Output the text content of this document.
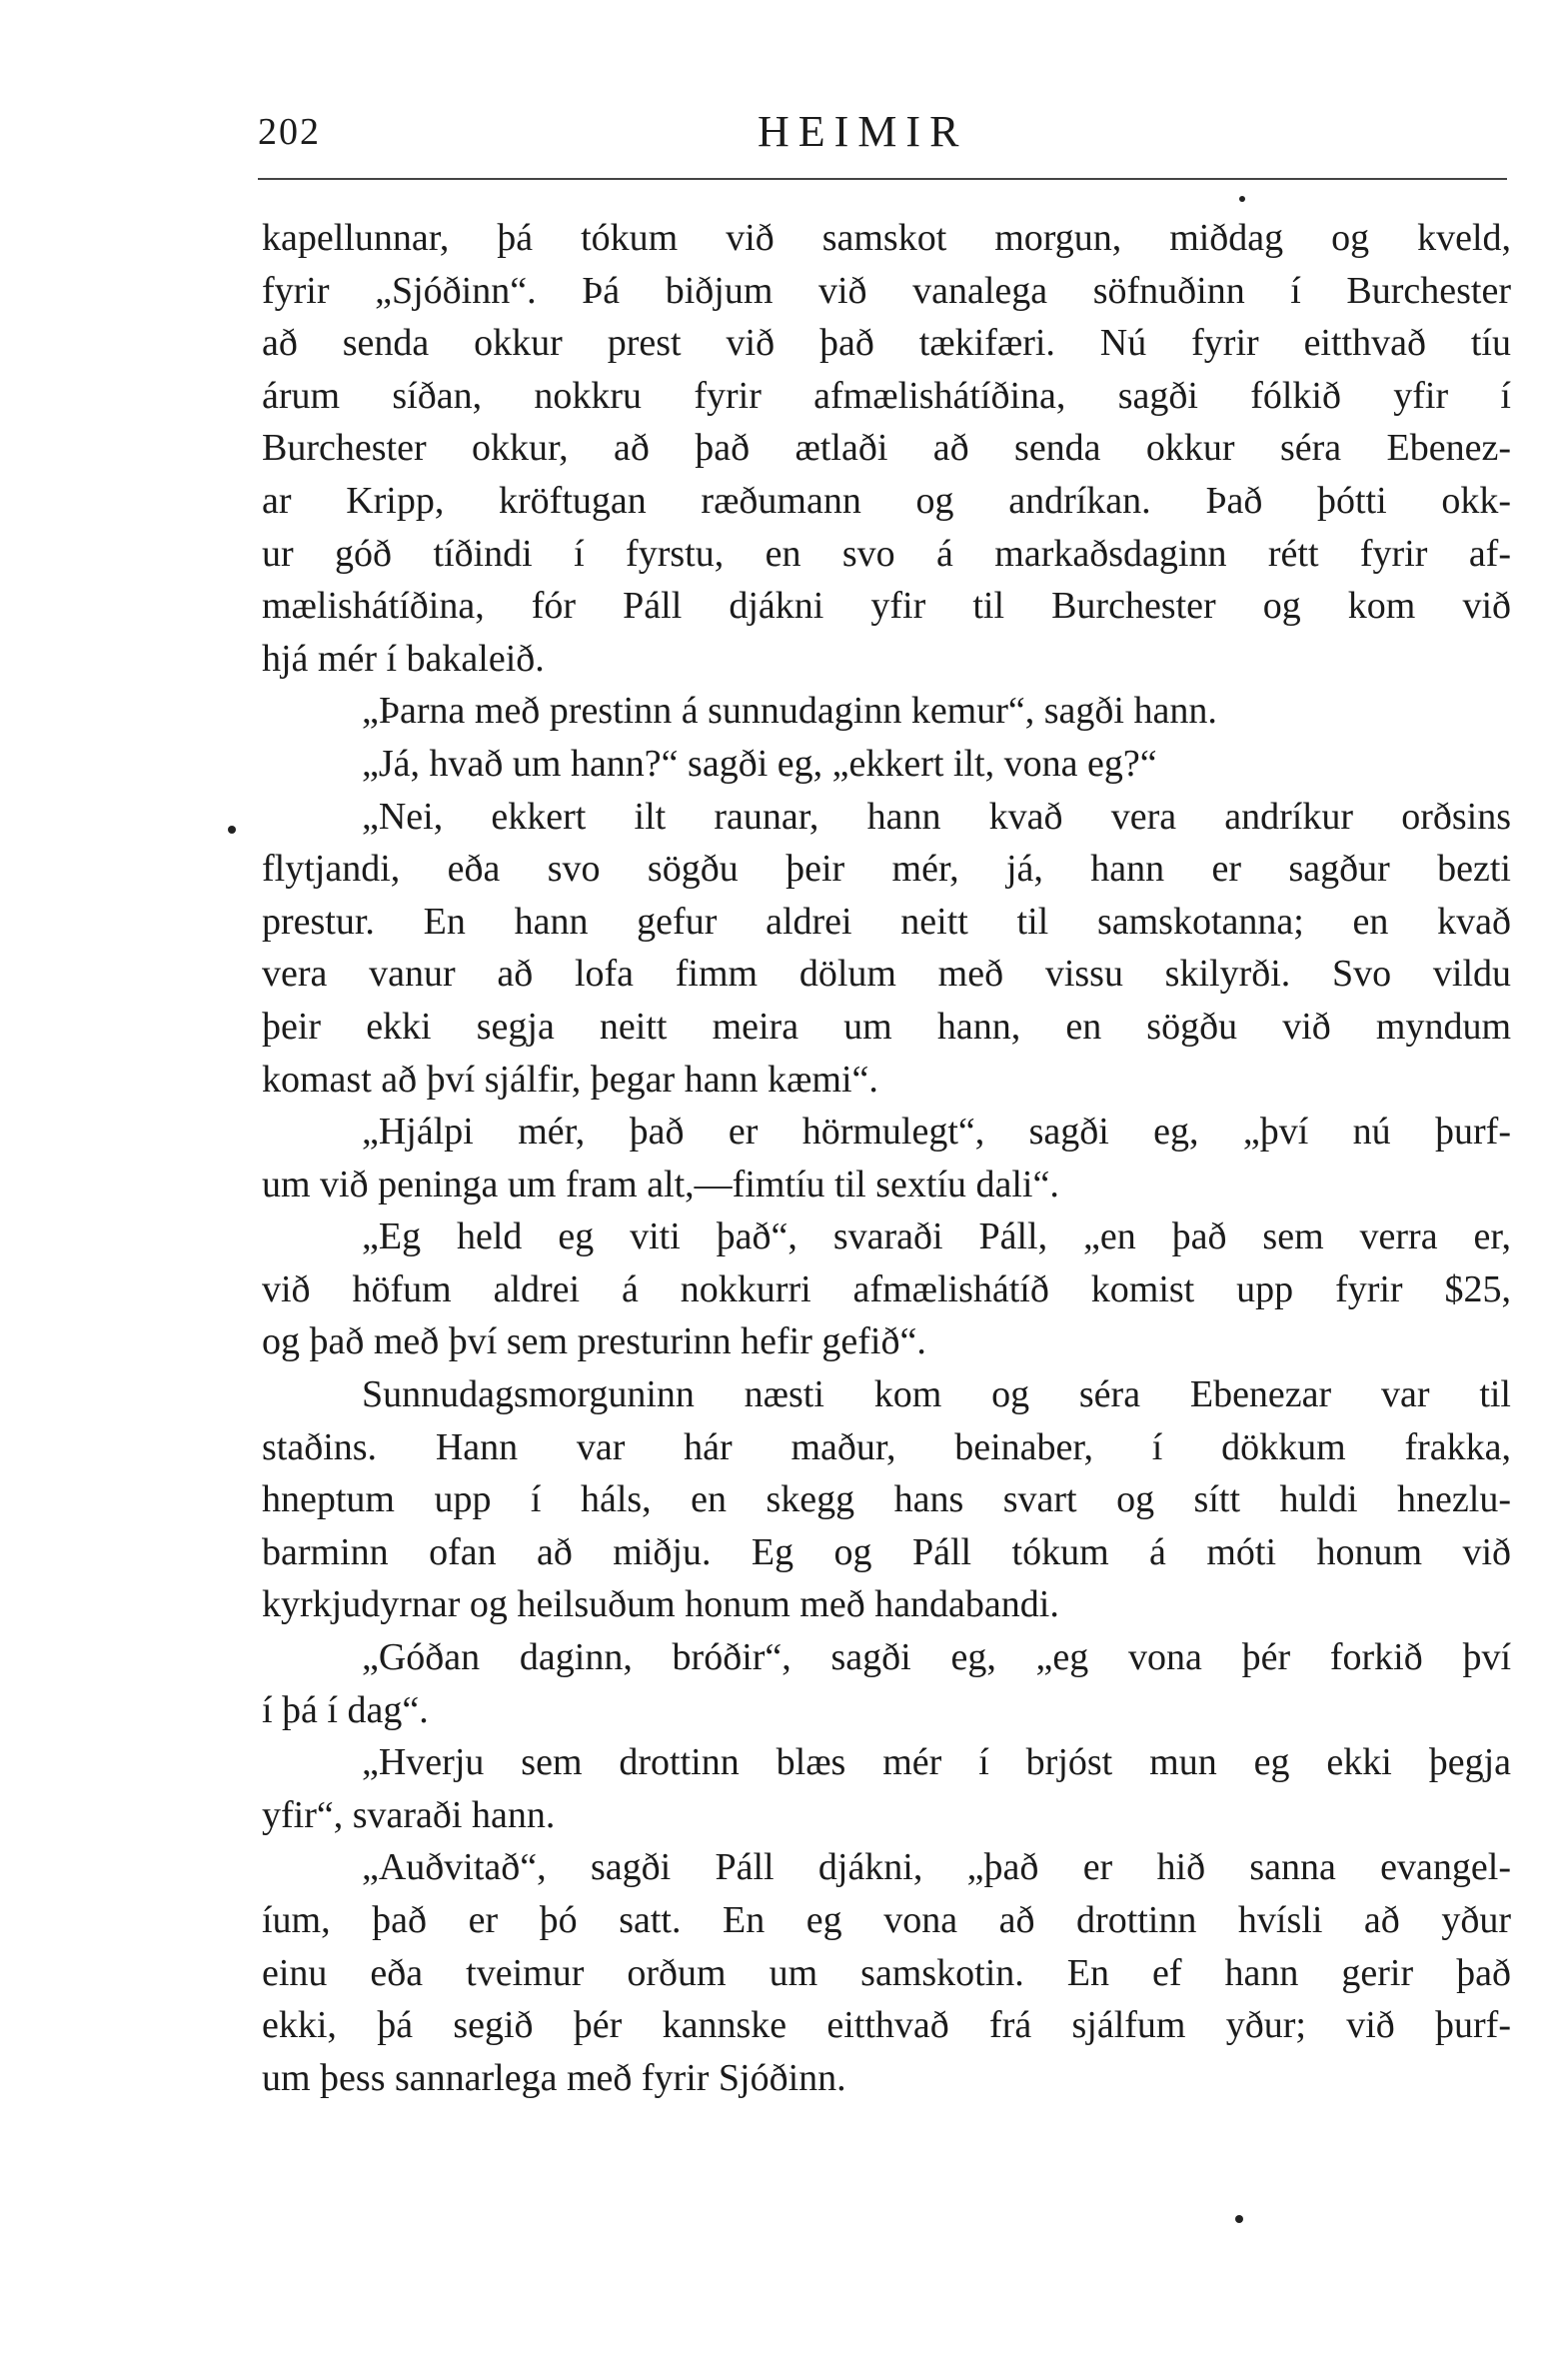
202	HEIMIR
kapellunnar, þá tókum við samskot morgun, miðdag og kveld,
fyrir „Sjóðinn“. Þá biðjum við vanalega söfnuðinn í Burchester
að senda okkur prest við það tækifæri. Nú fyrir eitthvað tíu
árum síðan, nokkru fyrir afmælishátíðina, sagði fólkið yfir í
Burchester okkur, að það ætlaði að senda okkur séra Ebenez-
ar Kripp, kröftugan ræðumann og andríkan. Það þótti okk-
ur góð tíðindi í fyrstu, en svo á markaðsdaginn rétt fyrir af-
mælishátíðina, fór Páll djákni yfir til Burchester og kom við
hjá mér í bakaleið.
„Þarna með prestinn á sunnudaginn kemur“, sagði hann.
„Já, hvað um hann?“ sagði eg, „ekkert ilt, vona eg?“
„Nei, ekkert ilt raunar, hann kvað vera andríkur orðsins
flytjandi, eða svo sögðu þeir mér, já, hann er sagður bezti
prestur. En hann gefur aldrei neitt til samskotanna; en kvað
vera vanur að lofa fimm dölum með vissu skilyrði. Svo vildu
þeir ekki segja neitt meira um hann, en sögðu við myndum
komast að því sjálfir, þegar hann kæmi“.
„Hjálpi mér, það er hörmulegt“, sagði eg, „því nú þurf-
um við peninga um fram alt,—fimtíu til sextíu dali“.
„Eg held eg viti það“, svaraði Páll, „en það sem verra er,
við höfum aldrei á nokkurri afmælishátíð komist upp fyrir $25,
og það með því sem presturinn hefir gefið“.
Sunnudagsmorguninn næsti kom og séra Ebenezar var til
staðins. Hann var hár maður, beinaber, í dökkum frakka,
hneptum upp í háls, en skegg hans svart og sítt huldi hnezlu-
barminn ofan að miðju. Eg og Páll tókum á móti honum við
kyrkjudyrnar og heilsuðum honum með handabandi.
„Góðan daginn, bróðir“, sagði eg, „eg vona þér forkið því
í þá í dag“.
„Hverju sem drottinn blæs mér í brjóst mun eg ekki þegja
yfir“, svaraði hann.
„Auðvitað“, sagði Páll djákni, „það er hið sanna evangel-
íum, það er þó satt. En eg vona að drottinn hvísli að yður
einu eða tveimur orðum um samskotin. En ef hann gerir það
ekki, þá segið þér kannske eitthvað frá sjálfum yður; við þurf-
um þess sannarlega með fyrir Sjóðinn.
